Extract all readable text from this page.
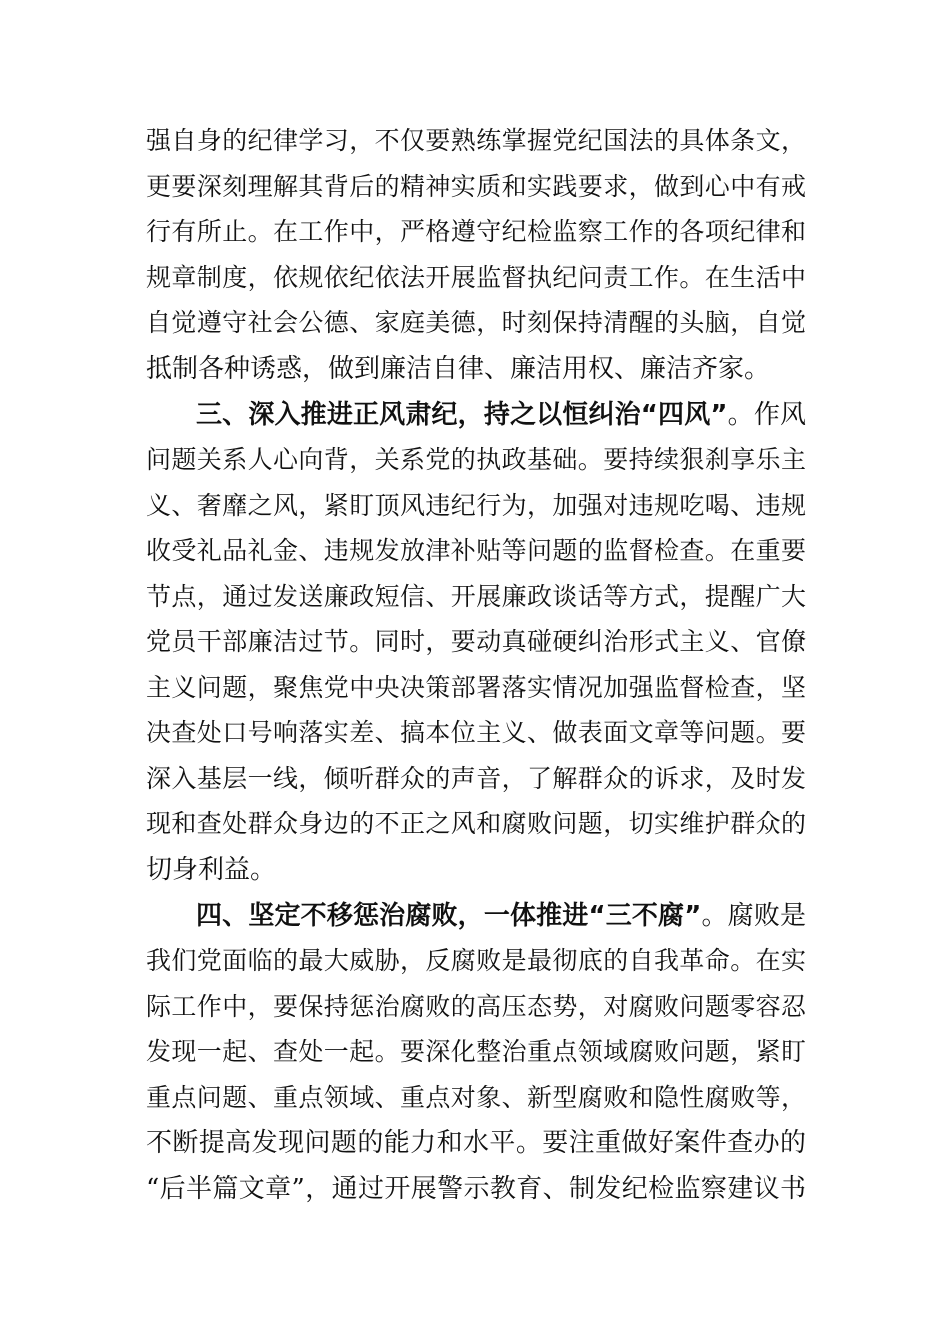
强自身的纪律学习，不仅要熟练掌握党纪国法的具体条文，
更要深刻理解其背后的精神实质和实践要求，做到心中有戒
行有所止。在工作中，严格遵守纪检监察工作的各项纪律和
规章制度，依规依纪依法开展监督执纪问责工作。在生活中
自觉遵守社会公德、家庭美德，时刻保持清醒的头脑，自觉
抵制各种诱惑，做到廉洁自律、廉洁用权、廉洁齐家。
三、深入推进正风肃纪，持之以恒纠治“四风”。作风
问题关系人心向背，关系党的执政基础。要持续狠刹享乐主
义、奢靡之风，紧盯顶风违纪行为，加强对违规吃喝、违规
收受礼品礼金、违规发放津补贴等问题的监督检查。在重要
节点，通过发送廉政短信、开展廉政谈话等方式，提醒广大
党员干部廉洁过节。同时，要动真碰硬纠治形式主义、官僚
主义问题，聚焦党中央决策部署落实情况加强监督检查，坚
决查处口号响落实差、搞本位主义、做表面文章等问题。要
深入基层一线，倾听群众的声音，了解群众的诉求，及时发
现和查处群众身边的不正之风和腐败问题，切实维护群众的
切身利益。
四、坚定不移惩治腐败，一体推进“三不腐”。腐败是
我们党面临的最大威胁，反腐败是最彻底的自我革命。在实
际工作中，要保持惩治腐败的高压态势，对腐败问题零容忍
发现一起、查处一起。要深化整治重点领域腐败问题，紧盯
重点问题、重点领域、重点对象、新型腐败和隐性腐败等，
不断提高发现问题的能力和水平。要注重做好案件查办的
“后半篇文章”，通过开展警示教育、制发纪检监察建议书
